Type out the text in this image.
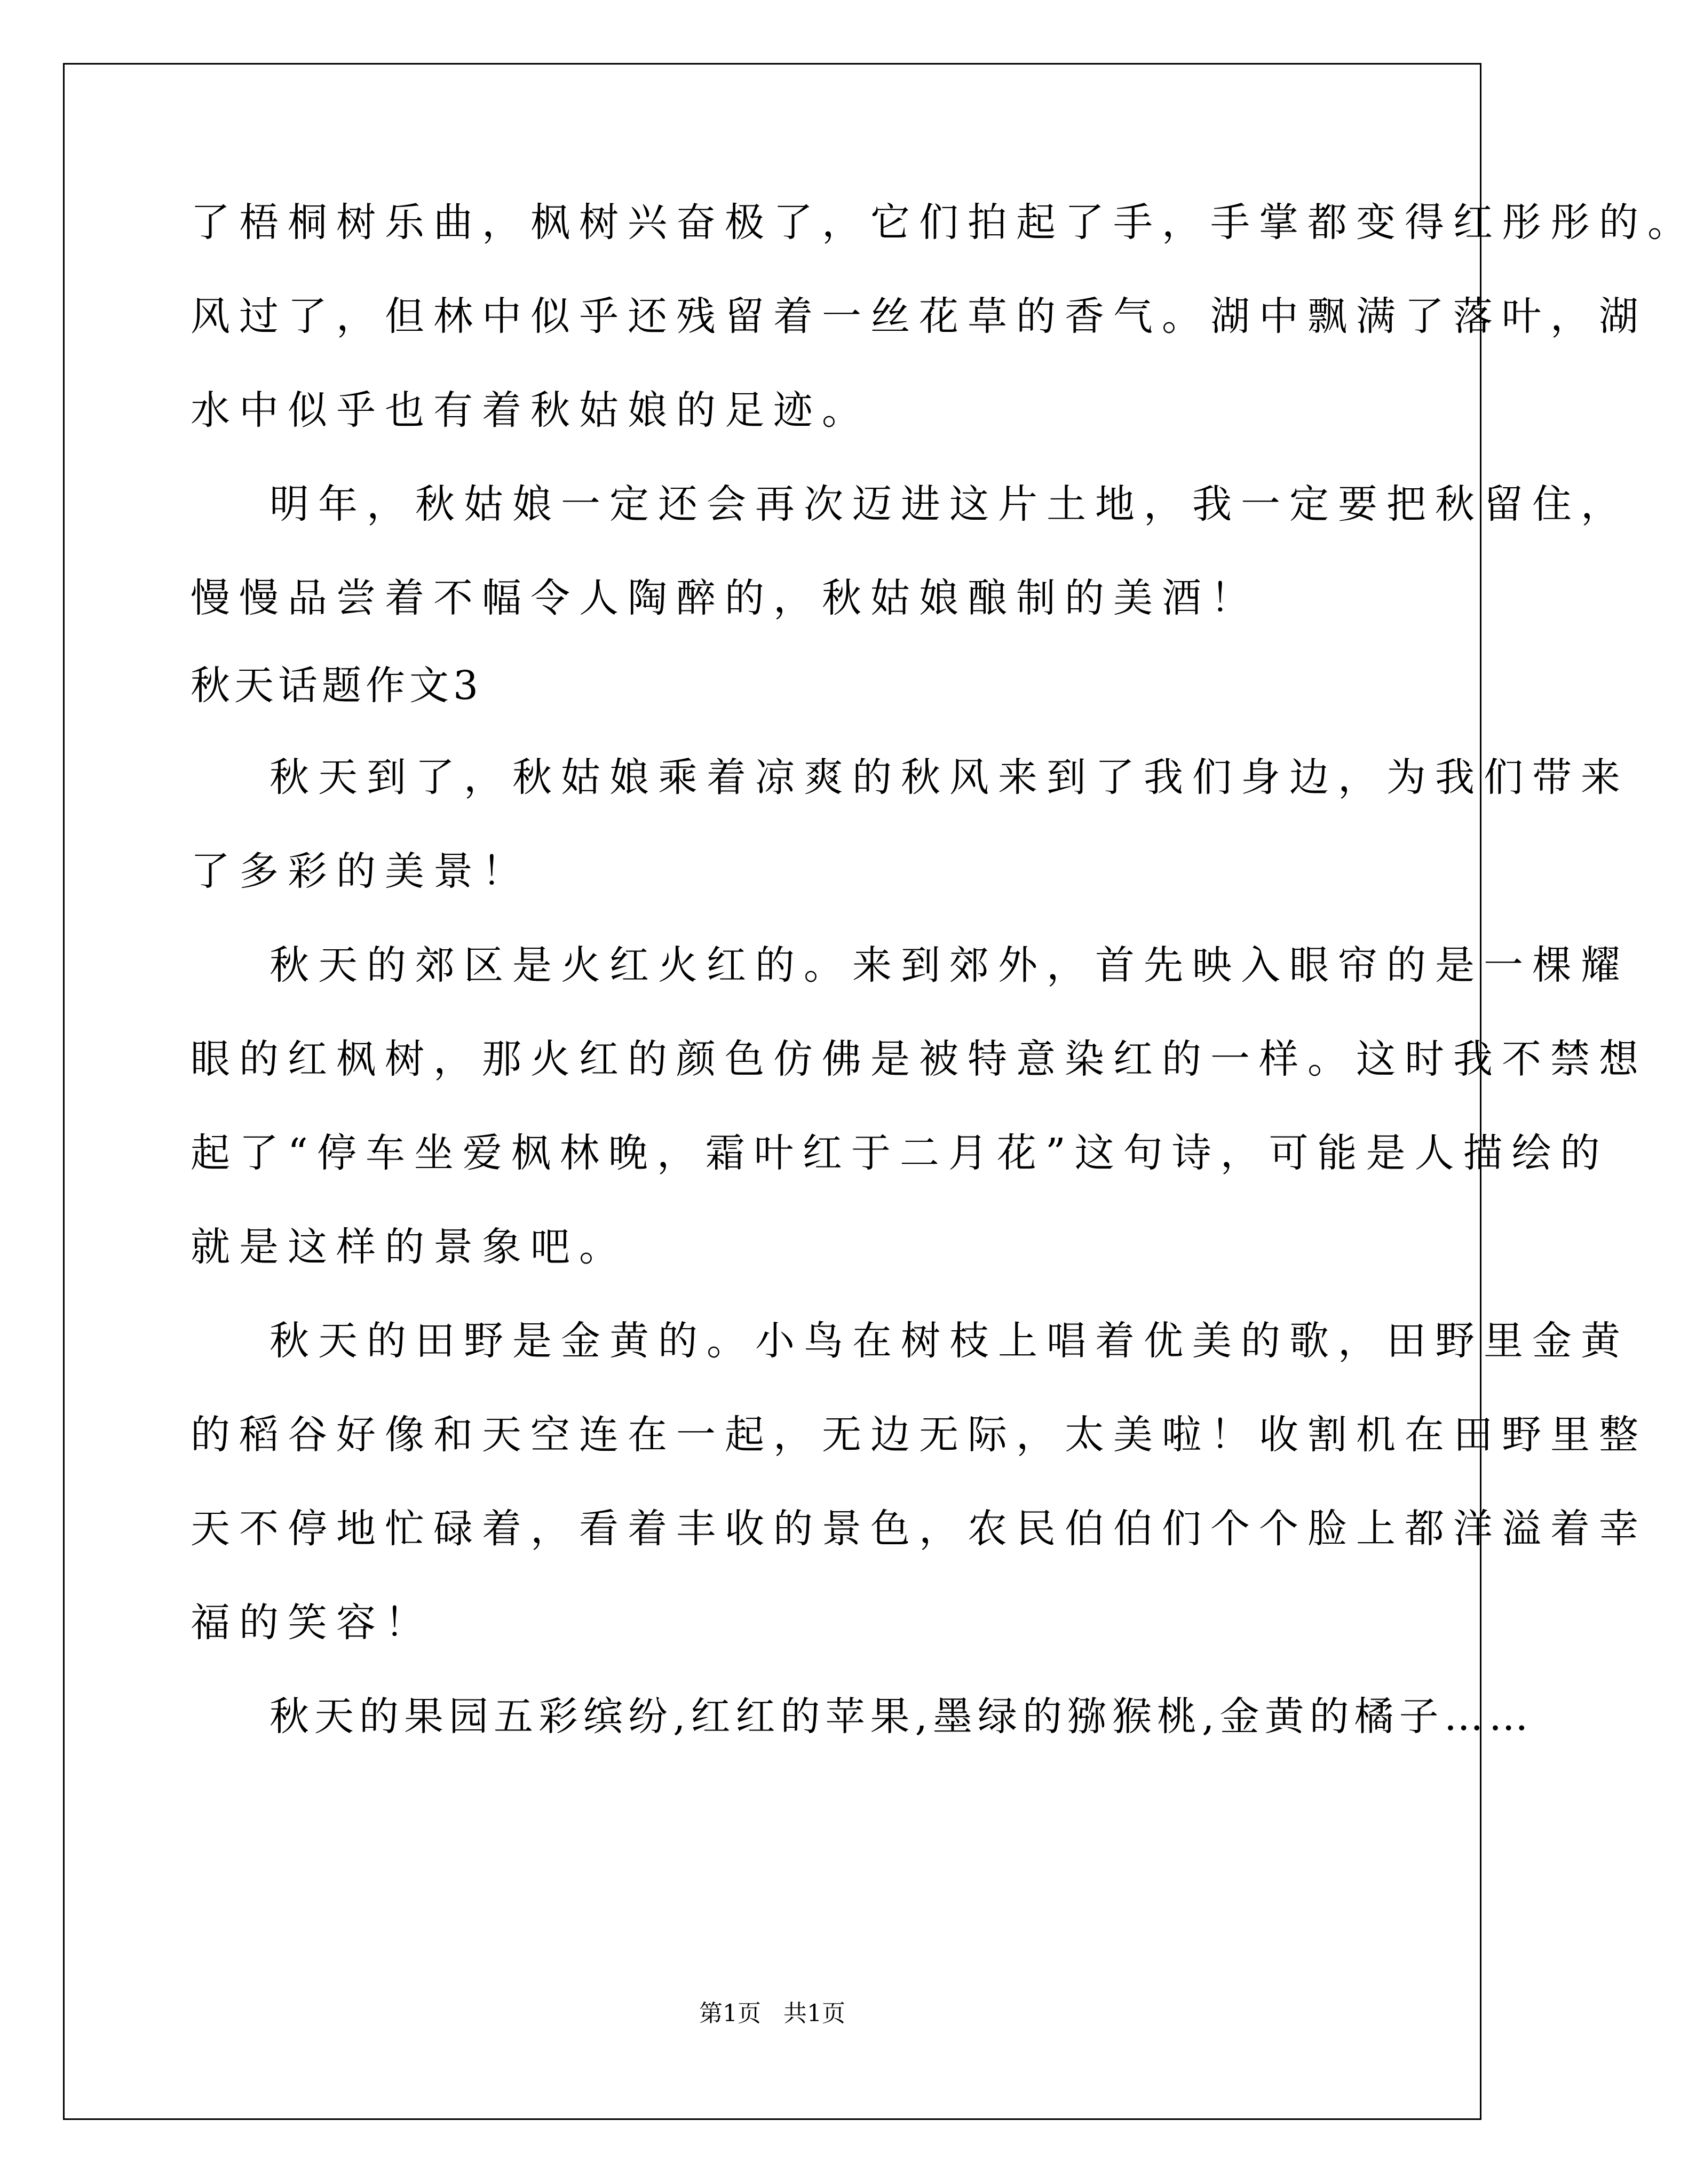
了梧桐树乐曲，枫树兴奋极了，它们拍起了手，手掌都变得红彤彤的。
风过了，但林中似乎还残留着一丝花草的香气。湖中飘满了落叶，湖
水中似乎也有着秋姑娘的足迹。
明年，秋姑娘一定还会再次迈进这片土地，我一定要把秋留住，
慢慢品尝着不幅令人陶醉的，秋姑娘酿制的美酒！
秋天话题作文3
秋天到了，秋姑娘乘着凉爽的秋风来到了我们身边，为我们带来
了多彩的美景！
秋天的郊区是火红火红的。来到郊外，首先映入眼帘的是一棵耀
眼的红枫树，那火红的颜色仿佛是被特意染红的一样。这时我不禁想
起了“停车坐爱枫林晚，霜叶红于二月花”这句诗，可能是人描绘的
就是这样的景象吧。
秋天的田野是金黄的。小鸟在树枝上唱着优美的歌，田野里金黄
的稻谷好像和天空连在一起，无边无际，太美啦！收割机在田野里整
天不停地忙碌着，看着丰收的景色，农民伯伯们个个脸上都洋溢着幸
福的笑容！
秋天的果园五彩缤纷,红红的苹果,墨绿的猕猴桃,金黄的橘子……
第1页   共1页
